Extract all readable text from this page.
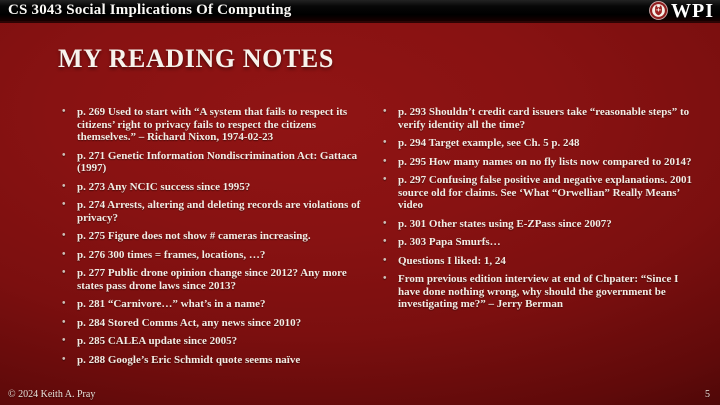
CS 3043 Social Implications Of Computing	WPI
MY READING NOTES
•
p. 269 Used to start with “A system that fails to respect its citizens’ right to privacy fails to respect the citizens themselves.” – Richard Nixon, 1974-02-23
•
p. 271 Genetic Information Nondiscrimination Act: Gattaca (1997)
•
p. 273 Any NCIC success since 1995?
•
p. 274 Arrests, altering and deleting records are violations of privacy?
•
p. 275 Figure does not show # cameras increasing.
•
p. 276 300 times = frames, locations, …?
•
p. 277 Public drone opinion change since 2012? Any more states pass drone laws since 2013?
•
p. 281 “Carnivore…” what’s in a name?
•
p. 284 Stored Comms Act, any news since 2010?
•
p. 285 CALEA update since 2005?
•
p. 288 Google’s Eric Schmidt quote seems naïve
•
p. 293 Shouldn’t credit card issuers take “reasonable steps” to verify identity all the time?
•
p. 294 Target example, see Ch. 5 p. 248
•
p. 295 How many names on no fly lists now compared to 2014?
•
p. 297 Confusing false positive and negative explanations. 2001 source old for claims. See ‘What “Orwellian” Really Means’ video
•
p. 301 Other states using E-ZPass since 2007?
•
p. 303 Papa Smurfs…
•
Questions I liked: 1, 24
•
From previous edition interview at end of Chpater: “Since I have done nothing wrong, why should the government be investigating me?” – Jerry Berman
© 2024 Keith A. Pray	5
